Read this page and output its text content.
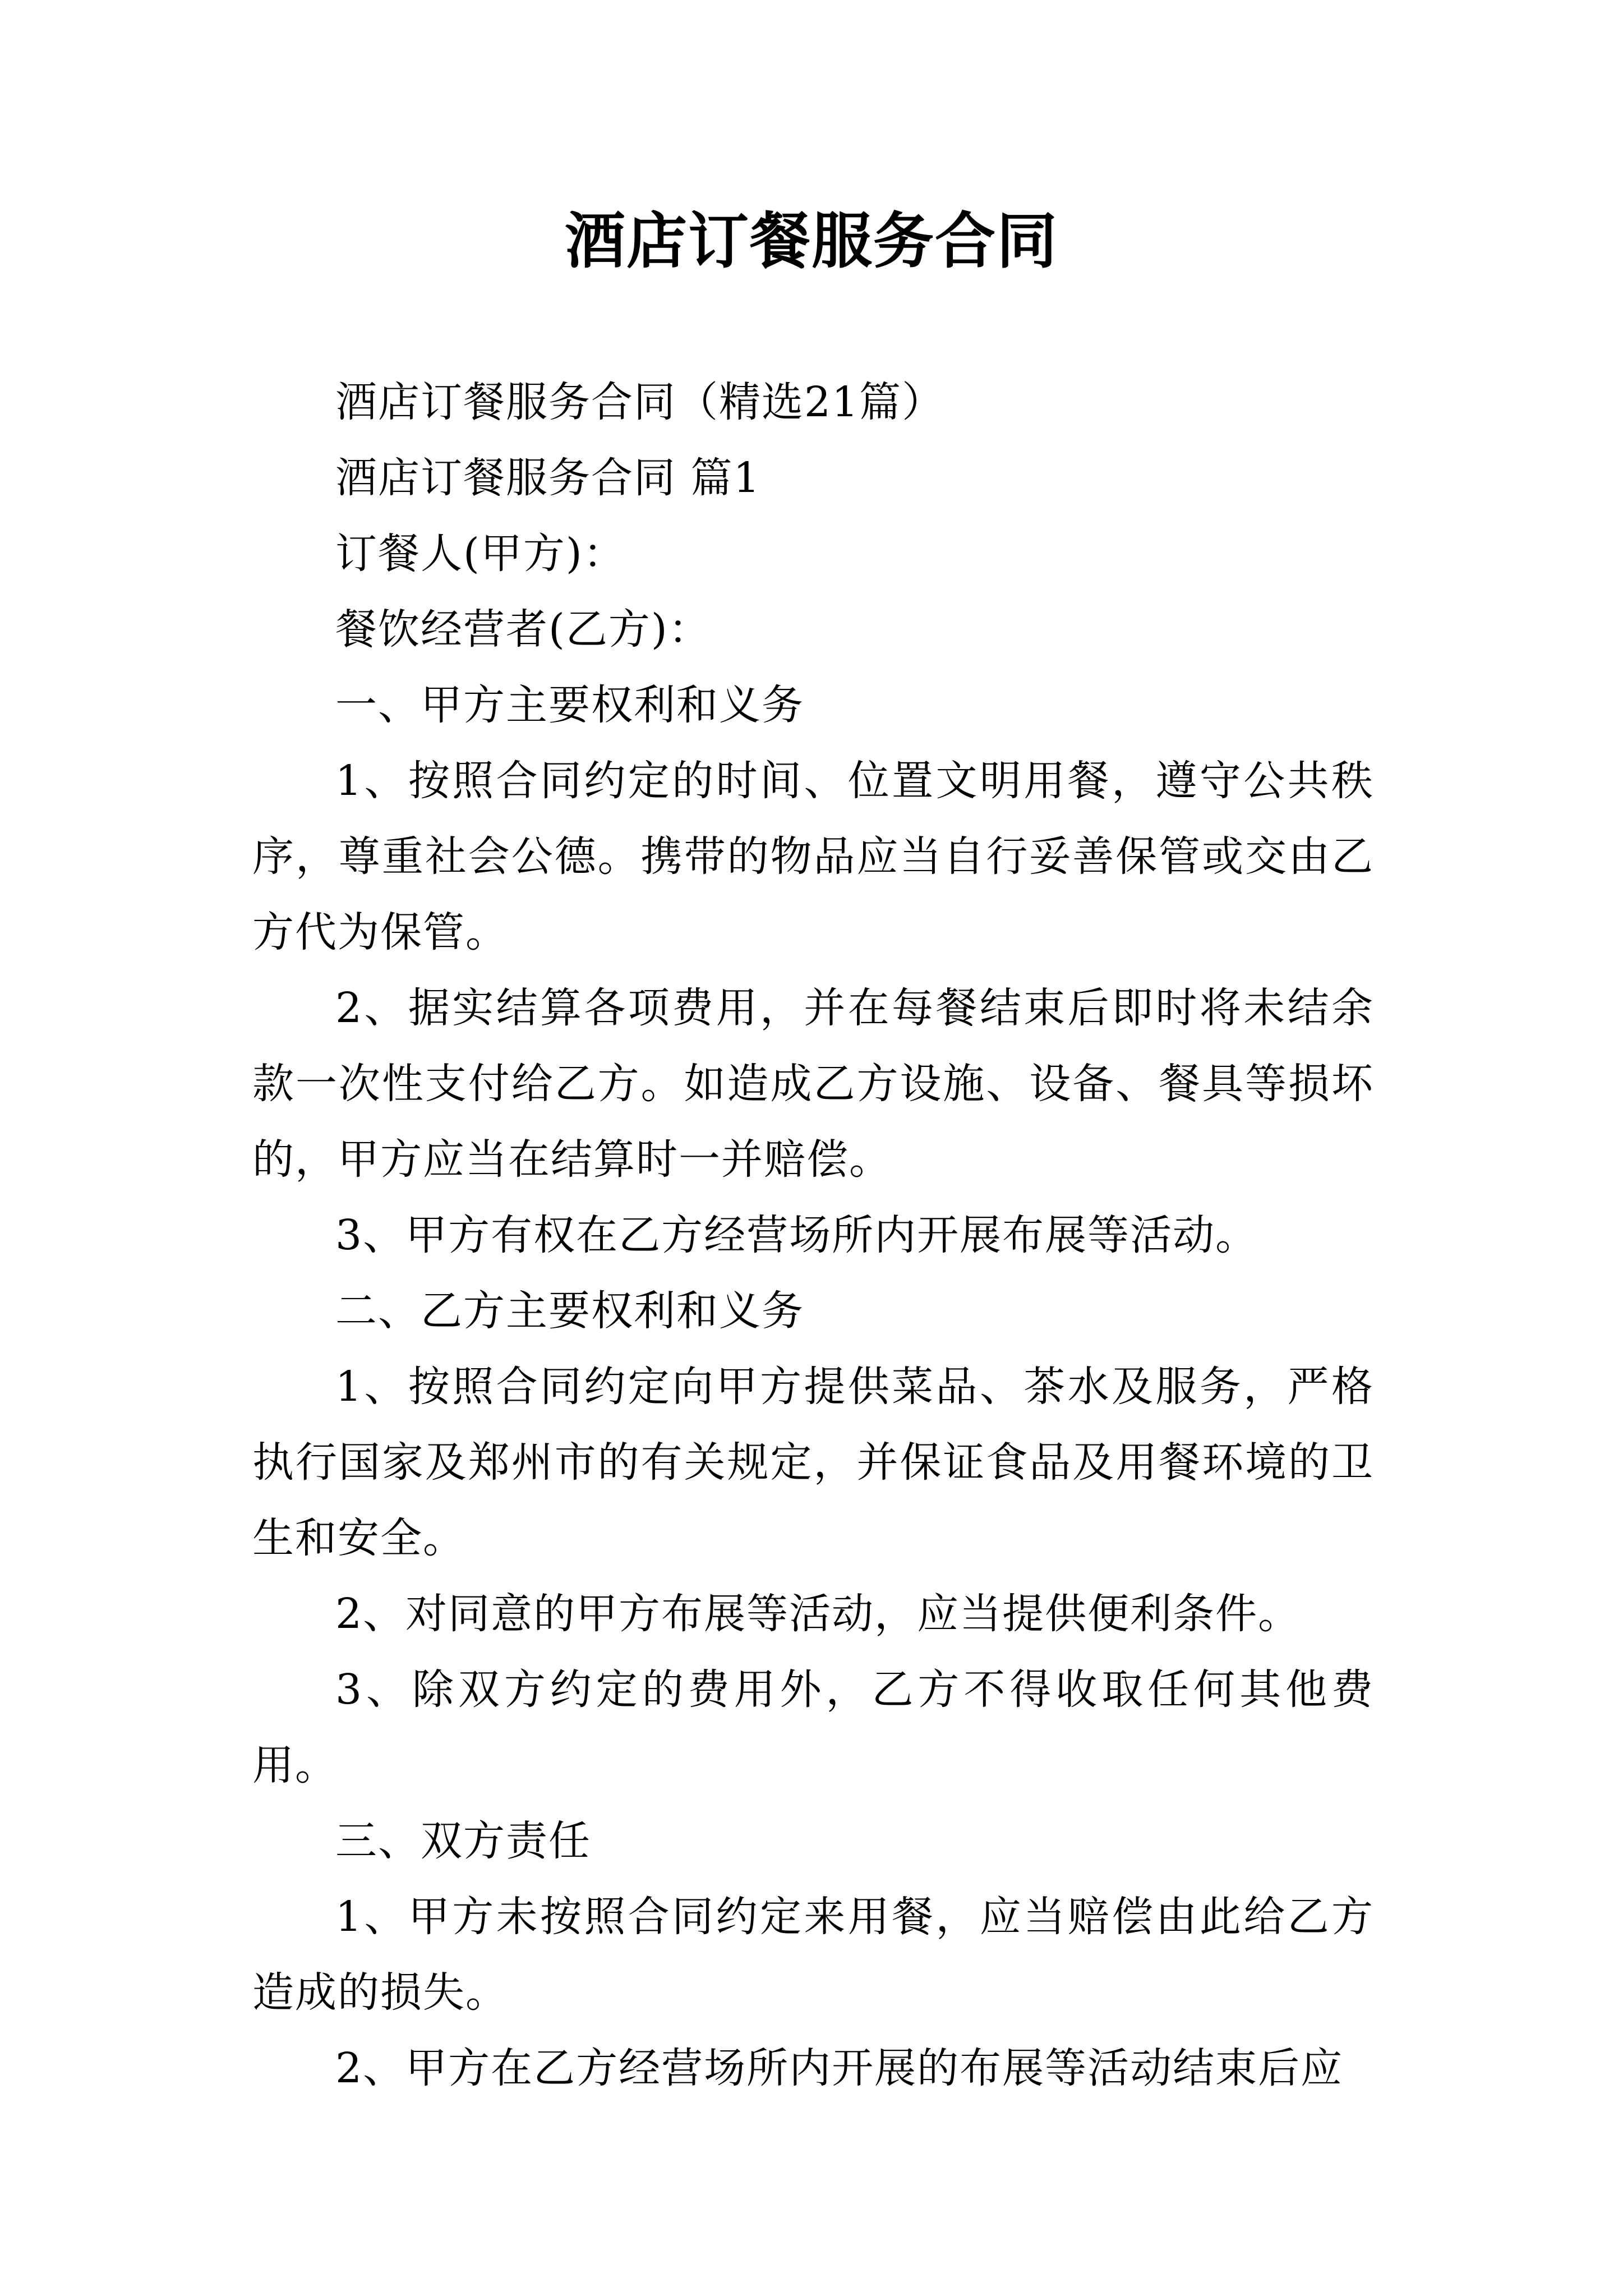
酒店订餐服务合同

酒店订餐服务合同（精选21篇）

酒店订餐服务合同 篇1

订餐人(甲方)：

餐饮经营者(乙方)：

一、甲方主要权利和义务

1、按照合同约定的时间、位置文明用餐，遵守公共秩序，尊重社会公德。携带的物品应当自行妥善保管或交由乙方代为保管。

2、据实结算各项费用，并在每餐结束后即时将未结余款一次性支付给乙方。如造成乙方设施、设备、餐具等损坏的，甲方应当在结算时一并赔偿。

3、甲方有权在乙方经营场所内开展布展等活动。

二、乙方主要权利和义务

1、按照合同约定向甲方提供菜品、茶水及服务，严格执行国家及郑州市的有关规定，并保证食品及用餐环境的卫生和安全。

2、对同意的甲方布展等活动，应当提供便利条件。

3、除双方约定的费用外，乙方不得收取任何其他费用。

三、双方责任

1、甲方未按照合同约定来用餐，应当赔偿由此给乙方造成的损失。

2、甲方在乙方经营场所内开展的布展等活动结束后应
